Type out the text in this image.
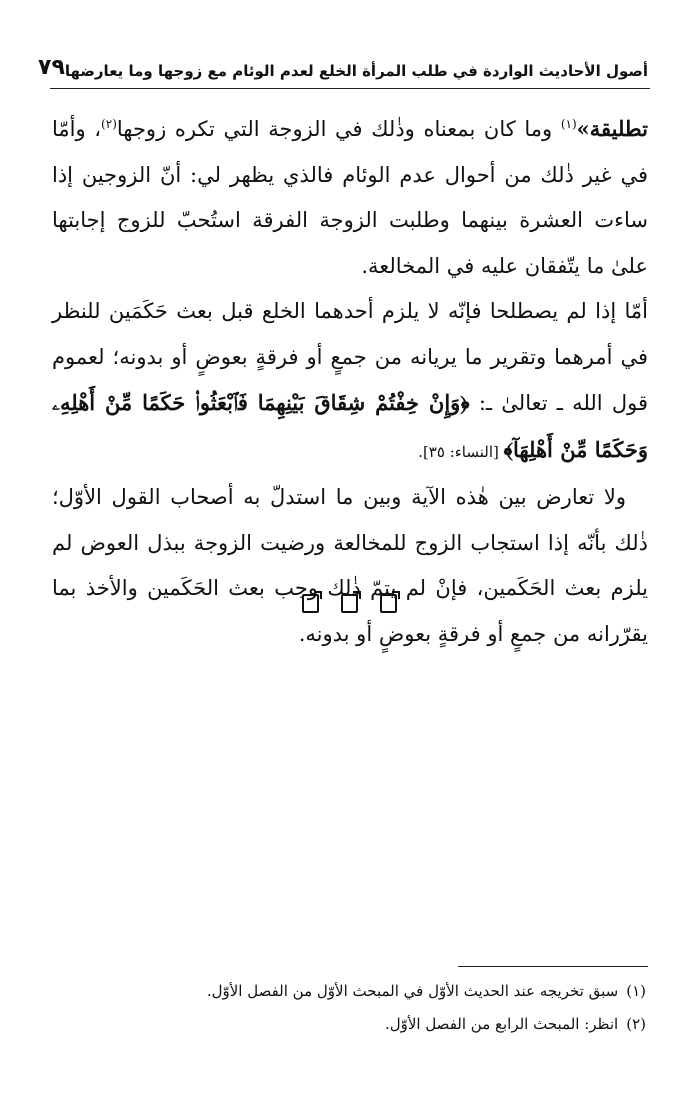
أصول الأحاديث الواردة في طلب المرأة الخلع لعدم الوئام مع زوجها وما يعارضها
٧٩

تطليقة»$^{(١)}$ وما كان بمعناه وذٰلك في الزوجة التي تكره زوجها$^{(٢)}$، وأمّا في غير ذٰلك من أحوال عدم الوئام فالذي يظهر لي: أنّ الزوجين إذا ساءت العشرة بينهما وطلبت الزوجة الفرقة استُحبّ للزوج إجابتها علىٰ ما يتّفقان عليه في المخالعة.

أمّا إذا لم يصطلحا فإنّه لا يلزم أحدهما الخلع قبل بعث حَكَمَين للنظر في أمرهما وتقرير ما يريانه من جمعٍ أو فرقةٍ بعوضٍ أو بدونه؛ لعموم قول الله ـ تعالىٰ ـ: ﴿وَإِنْ خِفْتُمْ شِقَاقَ بَيْنِهِمَا فَٱبْعَثُوا۟ حَكَمًا مِّنْ أَهْلِهِۦ وَحَكَمًا مِّنْ أَهْلِهَآ﴾ [النساء: ٣٥].

ولا تعارض بين هٰذه الآية وبين ما استدلّ به أصحاب القول الأوّل؛ ذٰلك بأنّه إذا استجاب الزوج للمخالعة ورضيت الزوجة ببذل العوض لم يلزم بعث الحَكَمين، فإنْ لم يتمّ ذٰلك وجب بعث الحَكَمين والأخذ بما يقرّرانه من جمعٍ أو فرقةٍ بعوضٍ أو بدونه.

(١)سبق تخريجه عند الحديث الأوّل في المبحث الأوّل من الفصل الأوّل.
(٢)انظر: المبحث الرابع من الفصل الأوّل.
